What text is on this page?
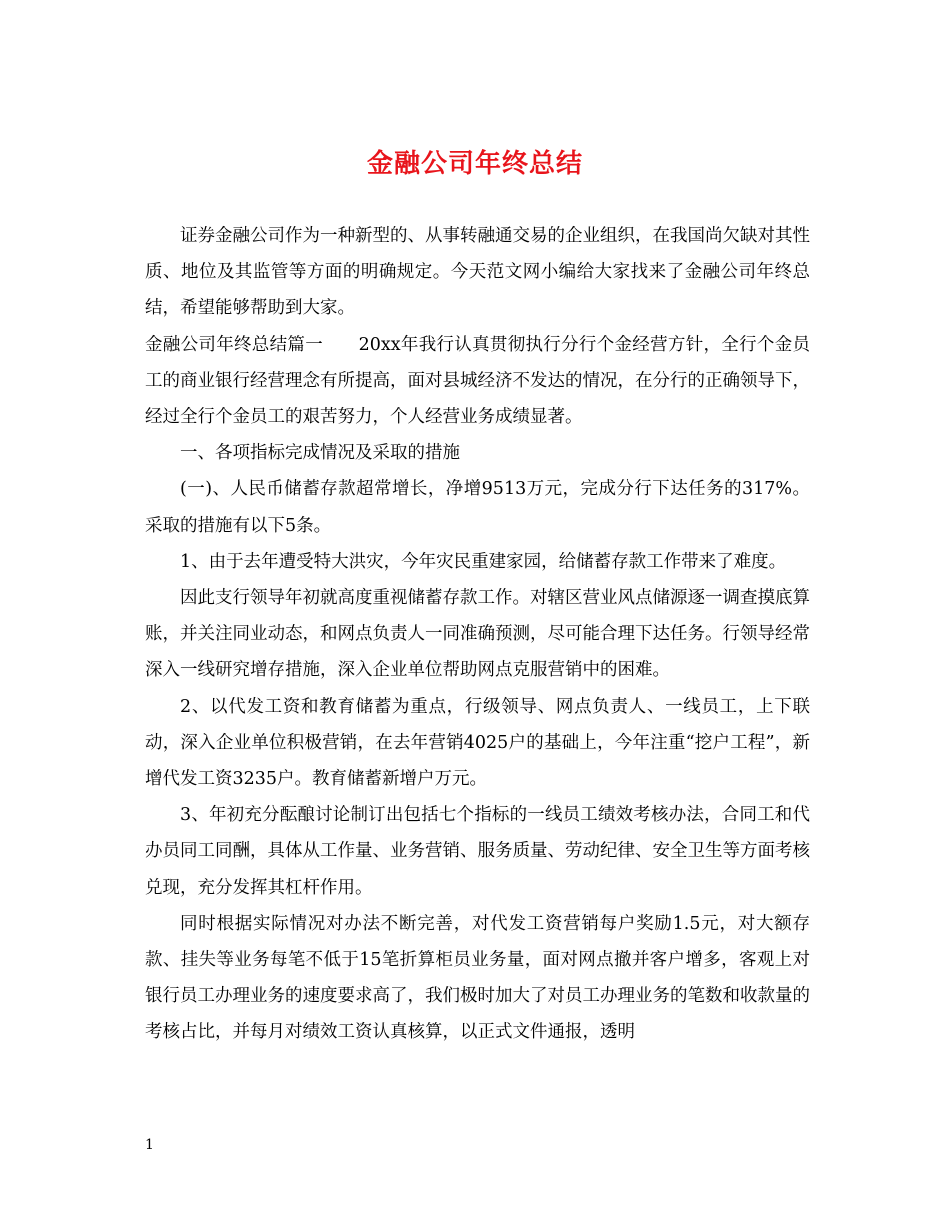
金融公司年终总结

证券金融公司作为一种新型的、从事转融通交易的企业组织，在我国尚欠缺对其性质、地位及其监管等方面的明确规定。今天范文网小编给大家找来了金融公司年终总结，希望能够帮助到大家。

金融公司年终总结篇一　　20xx年我行认真贯彻执行分行个金经营方针，全行个金员工的商业银行经营理念有所提高，面对县城经济不发达的情况，在分行的正确领导下，经过全行个金员工的艰苦努力，个人经营业务成绩显著。

一、各项指标完成情况及采取的措施

(一)、人民币储蓄存款超常增长，净增9513万元，完成分行下达任务的317%。采取的措施有以下5条。

1、由于去年遭受特大洪灾，今年灾民重建家园，给储蓄存款工作带来了难度。

因此支行领导年初就高度重视储蓄存款工作。对辖区营业风点储源逐一调查摸底算账，并关注同业动态，和网点负责人一同准确预测，尽可能合理下达任务。行领导经常深入一线研究增存措施，深入企业单位帮助网点克服营销中的困难。

2、以代发工资和教育储蓄为重点，行级领导、网点负责人、一线员工，上下联动，深入企业单位积极营销，在去年营销4025户的基础上，今年注重“挖户工程”，新增代发工资3235户。教育储蓄新增户万元。

3、年初充分酝酿讨论制订出包括七个指标的一线员工绩效考核办法，合同工和代办员同工同酬，具体从工作量、业务营销、服务质量、劳动纪律、安全卫生等方面考核兑现，充分发挥其杠杆作用。

同时根据实际情况对办法不断完善，对代发工资营销每户奖励1.5元，对大额存款、挂失等业务每笔不低于15笔折算柜员业务量，面对网点撤并客户增多，客观上对银行员工办理业务的速度要求高了，我们极时加大了对员工办理业务的笔数和收款量的考核占比，并每月对绩效工资认真核算，以正式文件通报，透明

1
